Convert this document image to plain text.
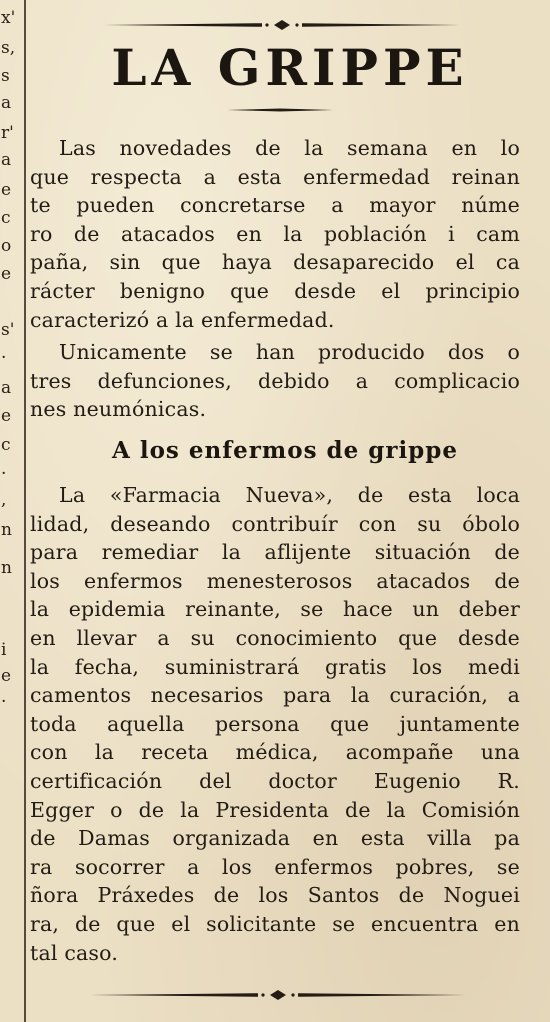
x'
s,
s
a
r'
a
e
c
o
e
s'
·
a
e
c
·
,
n
n
i
e
·
LA GRIPPE
Las novedades de la semana en lo
que respecta a esta enfermedad reinan
te pueden concretarse a mayor núme
ro de atacados en la población i cam
paña, sin que haya desaparecido el ca
rácter benigno que desde el principio
caracterizó a la enfermedad.
Unicamente se han producido dos o
tres defunciones, debido a complicacio
nes neumónicas.
A los enfermos de grippe
La «Farmacia Nueva», de esta loca
lidad, deseando contribuír con su óbolo
para remediar la aflijente situación de
los enfermos menesterosos atacados de
la epidemia reinante, se hace un deber
en llevar a su conocimiento que desde
la fecha, suministrará gratis los medi
camentos necesarios para la curación, a
toda aquella persona que juntamente
con la receta médica, acompañe una
certificación del doctor Eugenio R.
Egger o de la Presidenta de la Comisión
de Damas organizada en esta villa pa
ra socorrer a los enfermos pobres, se
ñora Práxedes de los Santos de Noguei
ra, de que el solicitante se encuentra en
tal caso.
